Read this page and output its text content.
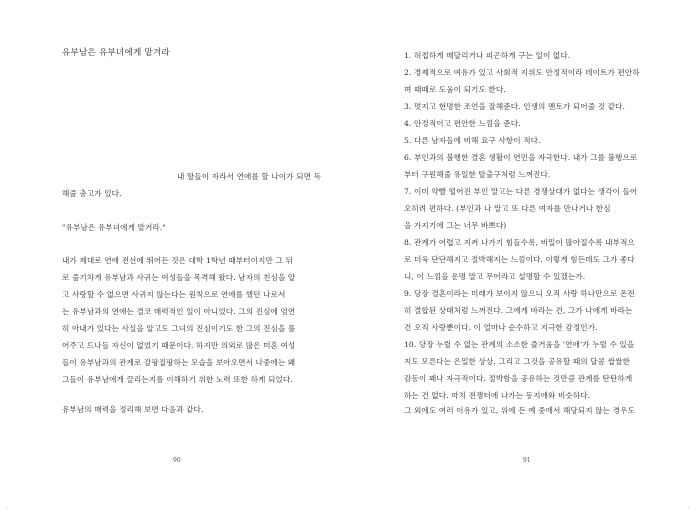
유부남은 유부녀에게 맡겨라
내 딸들이 자라서 연애를 할 나이가 되면 독
해줄 충고가 있다.
"유부남은 유부녀에게 맡겨라."
내가 제대로 연애 전선에 뛰어든 것은 대학 1학년 때부터이지만 그 뒤
로 줄기차게 유부남과 사귀는 여성들을 목격해 왔다. 남자의 친심을 알
고 사랑할 수 없으면 사귀지 않는다는 원칙으로 연애를 했던 나로서
는 유부남과의 연애는 결코 매력적인 일이 아니었다. 그의 진심에 엄연
히 아내가 있다는 사실을 알고도 그녀의 진심이기도 한 그의 진심을 풀
어주고 드나들 자신이 없었기 때문이다. 하지만 의외로 많은 미혼 여성
들이 유부남과의 관계로 갈팡질팡하는 모습을 보아오면서 나중에는 왜
그들이 유부남에게 끌리는지를 이해하기 위한 노력 또한 하게 되었다.
유부남의 매력을 정리해 보면 다음과 같다.
90
·
1. 허접하게 매달리거나 피곤하게 구는 일이 없다.
2. 경제적으로 여유가 있고 사회적 지위도 안정적이라 데이트가 편안하
며 때때로 도움이 되기도 한다.
3. 멋지고 현명한 조언을 잘해준다. 인생의 멘토가 되어줄 것 같다.
4. 안정적이고 편안한 느낌을 준다.
5. 다른 남자들에 비해 요구 사항이 적다.
6. 부인과의 불행한 결혼 생활이 연민을 자극한다. 내가 그를 불행으로
부터 구원해줄 유일한 탈출구처럼 느껴진다.
7. 이미 약빨 떨어진 부인 말고는 다른 경쟁상대가 없다는 생각이 들어
오히려 편하다. (부인과 나 말고 또 다른 여자를 만나거나 한심
을 가지기에 그는 너무 바쁘다)
8. 관계가 어렵고 지켜 나가기 힘들수록, 비밀이 많아질수록 내부적으
로 더욱 단단해지고 절박해지는 느낌이다. 이렇게 힘든데도 그가 좋다
니, 이 느낌을 운명 말고 무어라고 설명할 수 있겠는가.
9. 당장 결혼이라는 미래가 보이지 않으니 오직 사랑 하나만으로 온전
히 결합된 상태처럼 느껴진다. 그에게 바라는 건, 그가 나에게 바라는
건 오직 사랑뿐이다. 이 얼마나 순수하고 지극한 감정인가.
10. 당장 누릴 수 없는 관계의 소소한 즐거움을 '연애'가 누릴 수 있을
지도 모른다는 은밀한 상상, 그리고 그것을 공유할 때의 달콤 쌉쌀한
감동이 꽤나 자극적이다. 절박함을 공유하는 것만큼 관계를 탄탄하게
하는 건 없다. 마치 전쟁터에 나가는 동지애와 비슷하다.
그 외에도 여러 이유가 있고, 위에 든 예 중에서 해당되지 않는 경우도
91
·
